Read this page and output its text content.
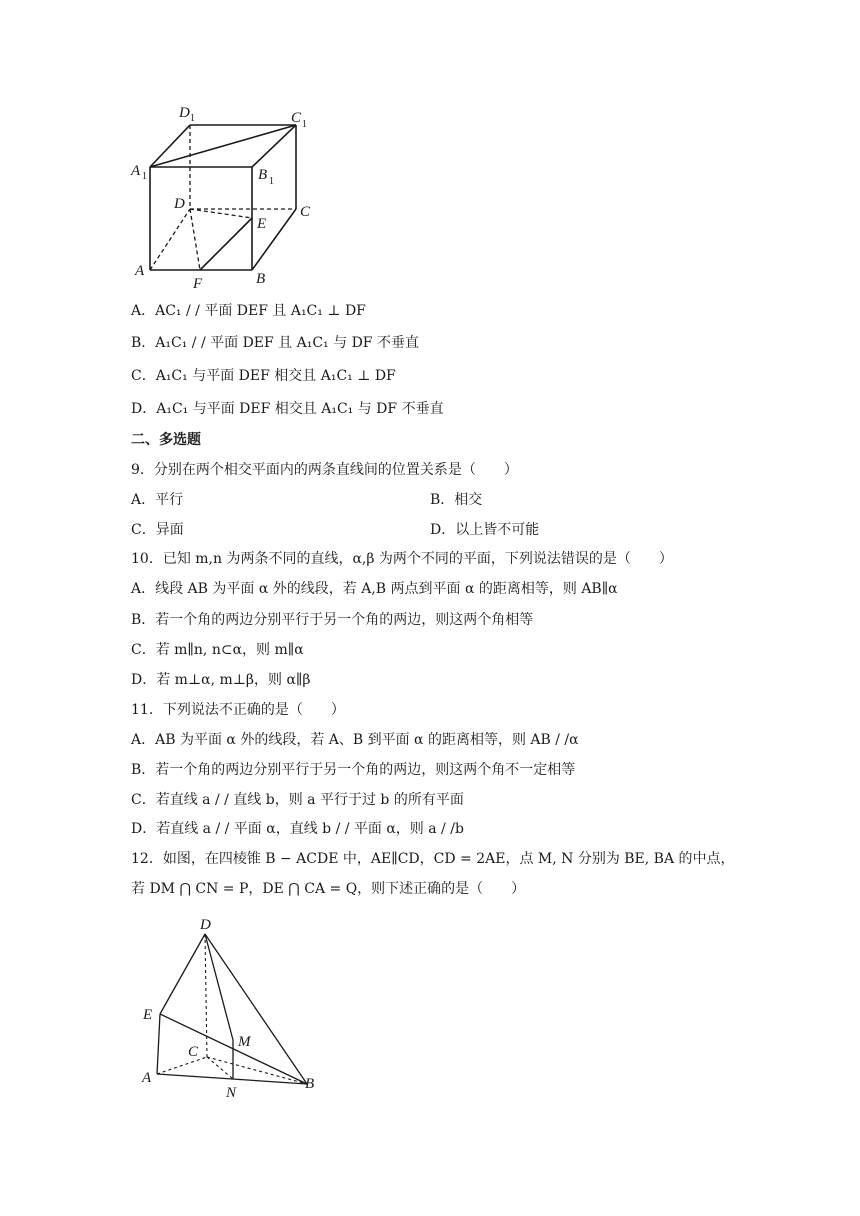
D 1	C 1
A 1	B 1
D	C
E
A
F	B
A．AC₁ / / 平面 DEF 且 A₁C₁ ⊥ DF
B．A₁C₁ / / 平面 DEF 且 A₁C₁ 与 DF 不垂直
C．A₁C₁ 与平面 DEF 相交且 A₁C₁ ⊥ DF
D．A₁C₁ 与平面 DEF 相交且 A₁C₁ 与 DF 不垂直
二、多选题
9．分别在两个相交平面内的两条直线间的位置关系是（　　）
A．平行	B．相交
C．异面	D．以上皆不可能
10．已知 m,n 为两条不同的直线，α,β 为两个不同的平面，下列说法错误的是（　　）
A．线段 AB 为平面 α 外的线段，若 A,B 两点到平面 α 的距离相等，则 AB∥α
B．若一个角的两边分别平行于另一个角的两边，则这两个角相等
C．若 m∥n, n⊂α，则 m∥α
D．若 m⊥α, m⊥β，则 α∥β
11．下列说法不正确的是（　　）
A．AB 为平面 α 外的线段，若 A、B 到平面 α 的距离相等，则 AB / /α
B．若一个角的两边分别平行于另一个角的两边，则这两个角不一定相等
C．若直线 a / / 直线 b，则 a 平行于过 b 的所有平面
D．若直线 a / / 平面 α，直线 b / / 平面 α，则 a / /b
12．如图，在四棱锥 B − ACDE 中，AE∥CD，CD = 2AE，点 M, N 分别为 BE, BA 的中点，
若 DM ⋂ CN = P，DE ⋂ CA = Q，则下述正确的是（　　）
D
E
M
C
A
N
B
